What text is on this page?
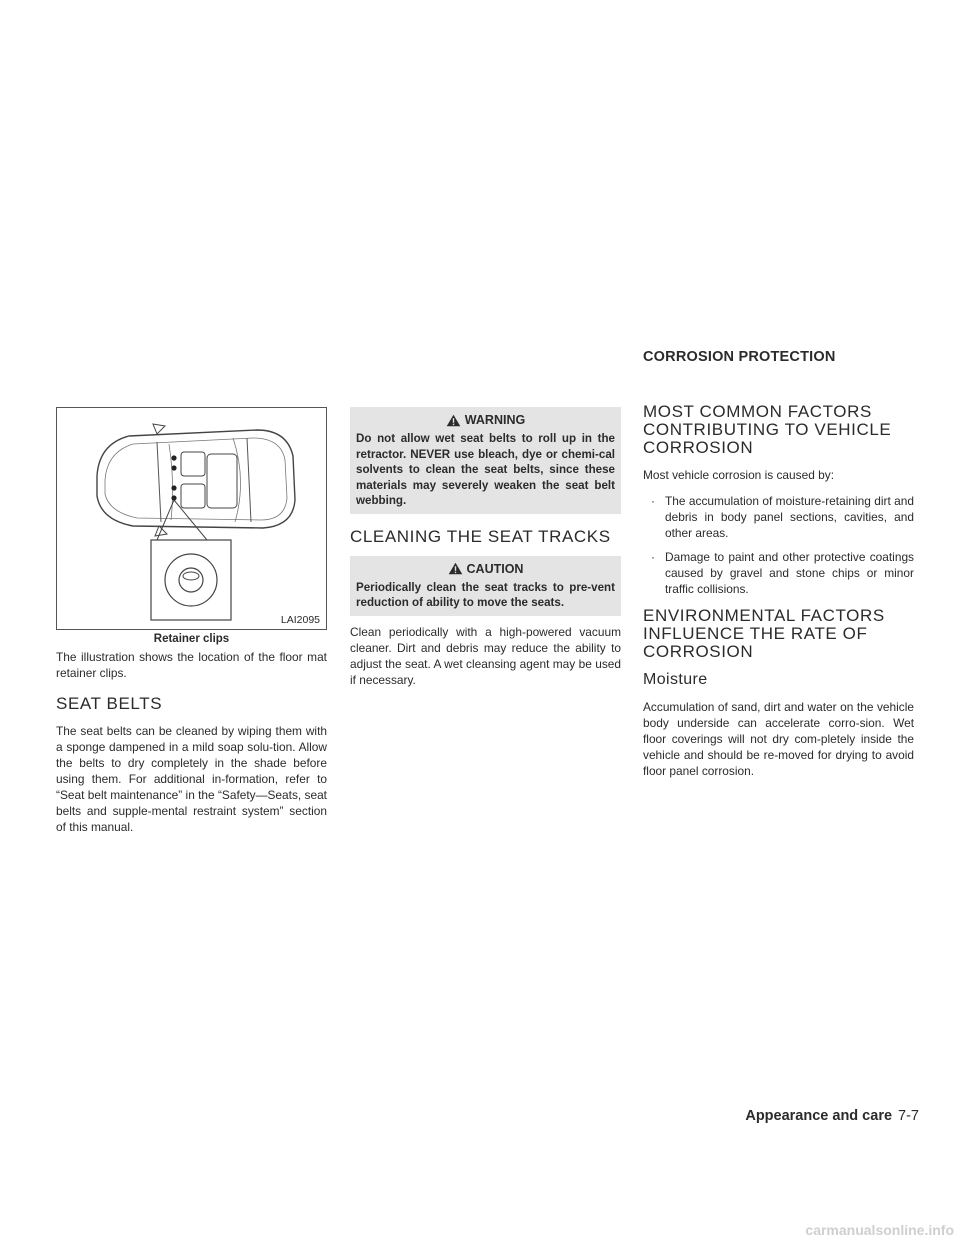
CORROSION PROTECTION
LAI2095
Retainer clips

The illustration shows the location of the floor mat retainer clips.

SEAT BELTS

The seat belts can be cleaned by wiping them with a sponge dampened in a mild soap solu-tion. Allow the belts to dry completely in the shade before using them. For additional in-formation, refer to “Seat belt maintenance” in the “Safety—Seats, seat belts and supple-mental restraint system” section of this manual.

WARNING
Do not allow wet seat belts to roll up in the retractor. NEVER use bleach, dye or chemi-cal solvents to clean the seat belts, since these materials may severely weaken the seat belt webbing.
CLEANING THE SEAT TRACKS
CAUTION
Periodically clean the seat tracks to pre-vent reduction of ability to move the seats.

Clean periodically with a high-powered vacuum cleaner. Dirt and debris may reduce the ability to adjust the seat. A wet cleansing agent may be used if necessary.

MOST COMMON FACTORS CONTRIBUTING TO VEHICLE CORROSION

Most vehicle corrosion is caused by:

· The accumulation of moisture-retaining dirt and debris in body panel sections, cavities, and other areas.
· Damage to paint and other protective coatings caused by gravel and stone chips or minor traffic collisions.
ENVIRONMENTAL FACTORS INFLUENCE THE RATE OF CORROSION
Moisture

Accumulation of sand, dirt and water on the vehicle body underside can accelerate corro-sion. Wet floor coverings will not dry com-pletely inside the vehicle and should be re-moved for drying to avoid floor panel corrosion.

Appearance and care 7-7
carmanualsonline.info
